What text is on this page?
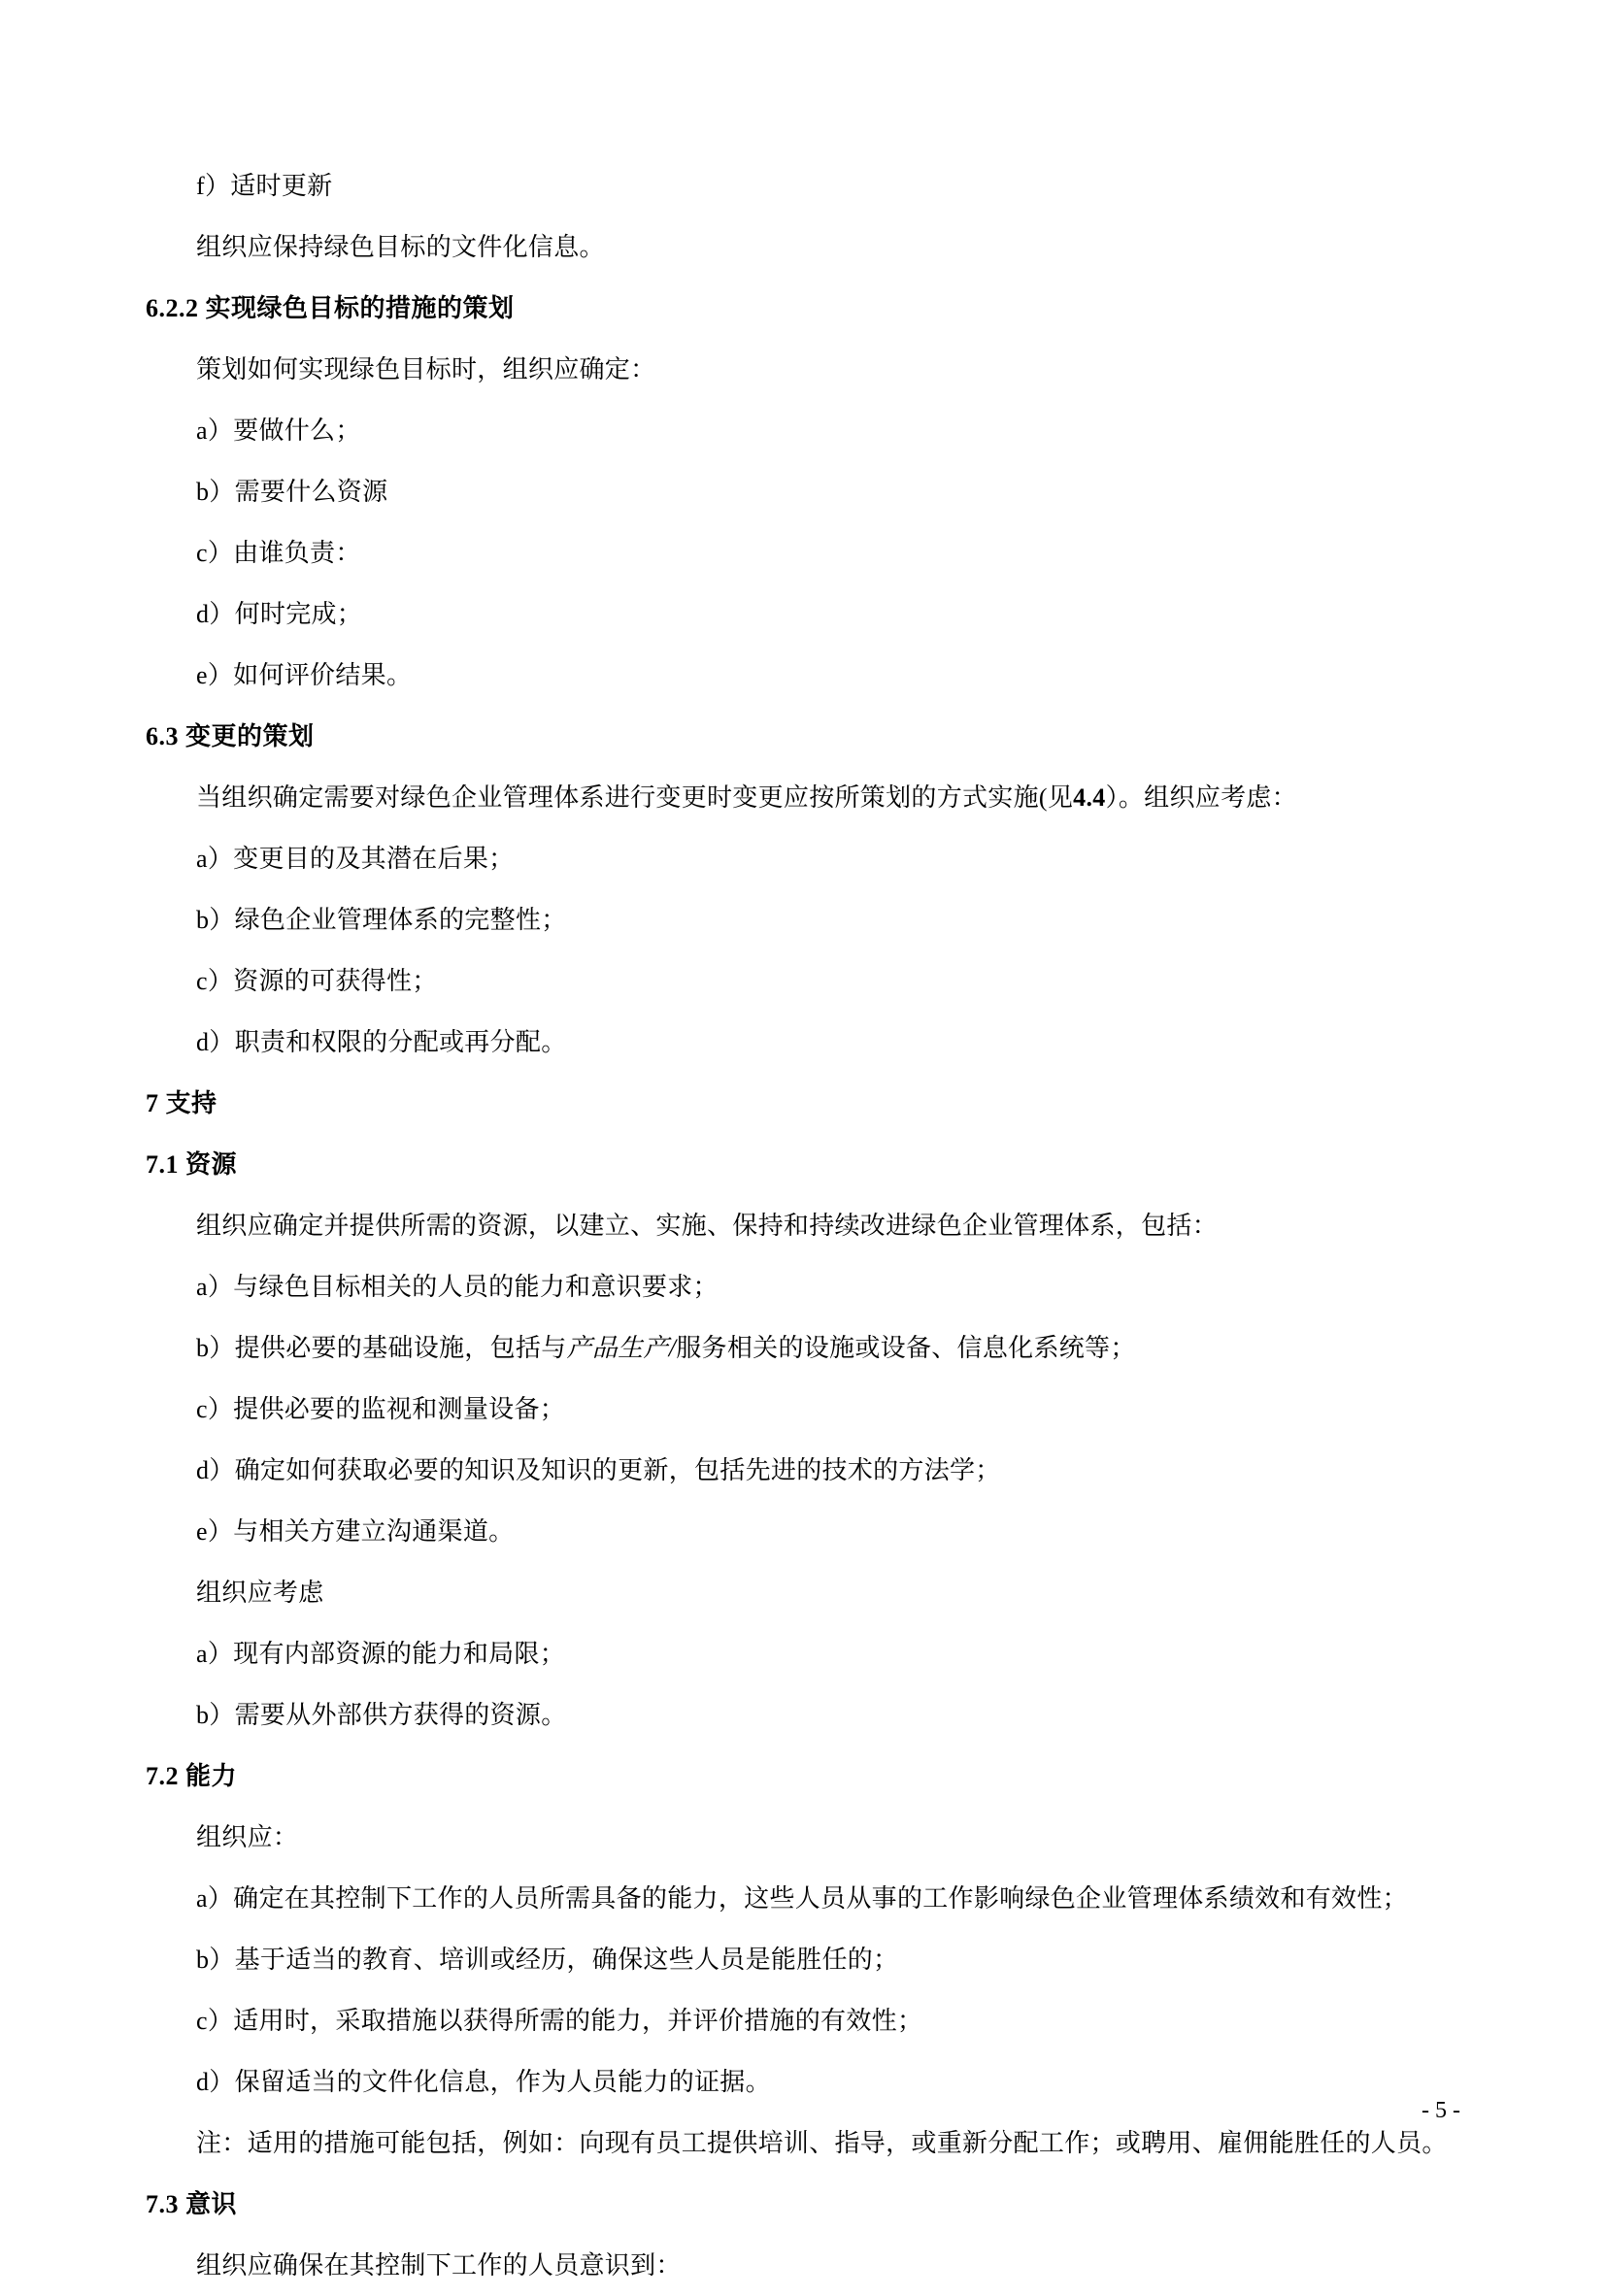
f）适时更新

组织应保持绿色目标的文件化信息。

6.2.2 实现绿色目标的措施的策划

策划如何实现绿色目标时，组织应确定：

a）要做什么；

b）需要什么资源

c）由谁负责：

d）何时完成；

e）如何评价结果。

6.3 变更的策划

当组织确定需要对绿色企业管理体系进行变更时变更应按所策划的方式实施(见4.4）。组织应考虑：

a）变更目的及其潜在后果；

b）绿色企业管理体系的完整性；

c）资源的可获得性；

d）职责和权限的分配或再分配。

7 支持

7.1 资源

组织应确定并提供所需的资源，以建立、实施、保持和持续改进绿色企业管理体系，包括：

a）与绿色目标相关的人员的能力和意识要求；

b）提供必要的基础设施，包括与产品生产/服务相关的设施或设备、信息化系统等；

c）提供必要的监视和测量设备；

d）确定如何获取必要的知识及知识的更新，包括先进的技术的方法学；

e）与相关方建立沟通渠道。

组织应考虑

a）现有内部资源的能力和局限；

b）需要从外部供方获得的资源。

7.2 能力

组织应：

a）确定在其控制下工作的人员所需具备的能力，这些人员从事的工作影响绿色企业管理体系绩效和有效性；

b）基于适当的教育、培训或经历，确保这些人员是能胜任的；

c）适用时，采取措施以获得所需的能力，并评价措施的有效性；

d）保留适当的文件化信息，作为人员能力的证据。

注：适用的措施可能包括，例如：向现有员工提供培训、指导，或重新分配工作；或聘用、雇佣能胜任的人员。

7.3 意识

组织应确保在其控制下工作的人员意识到：

- 5 -
